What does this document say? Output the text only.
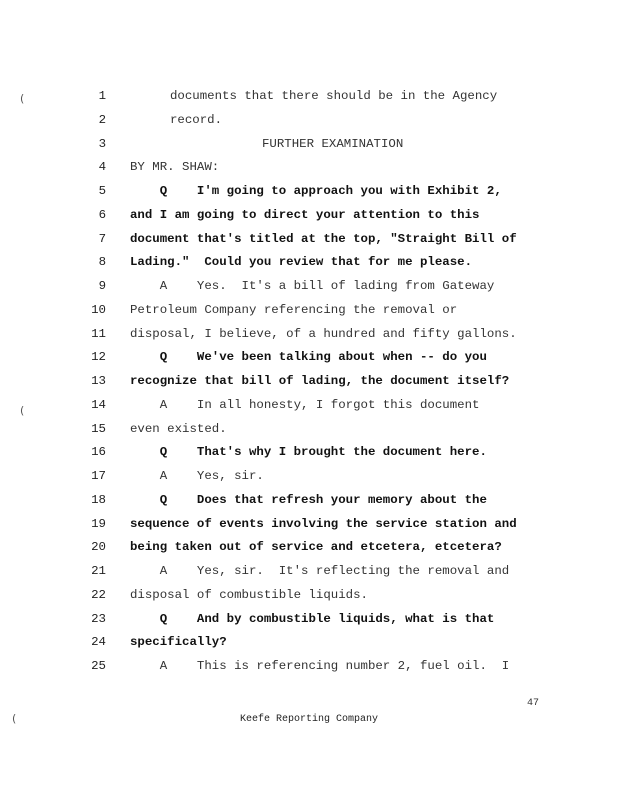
1	documents that there should be in the Agency
2	record.
3	FURTHER EXAMINATION
4 BY MR. SHAW:
5 Q    I'm going to approach you with Exhibit 2,
6 and I am going to direct your attention to this
7 document that's titled at the top, "Straight Bill of
8 Lading."  Could you review that for me please.
9 A    Yes.  It's a bill of lading from Gateway
10 Petroleum Company referencing the removal or
11 disposal, I believe, of a hundred and fifty gallons.
12 Q    We've been talking about when -- do you
13 recognize that bill of lading, the document itself?
14 A    In all honesty, I forgot this document
15 even existed.
16 Q    That's why I brought the document here.
17 A    Yes, sir.
18 Q    Does that refresh your memory about the
19 sequence of events involving the service station and
20 being taken out of service and etcetera, etcetera?
21 A    Yes, sir.  It's reflecting the removal and
22 disposal of combustible liquids.
23 Q    And by combustible liquids, what is that
24 specifically?
25 A    This is referencing number 2, fuel oil.  I
(
(
(
47
Keefe Reporting Company
